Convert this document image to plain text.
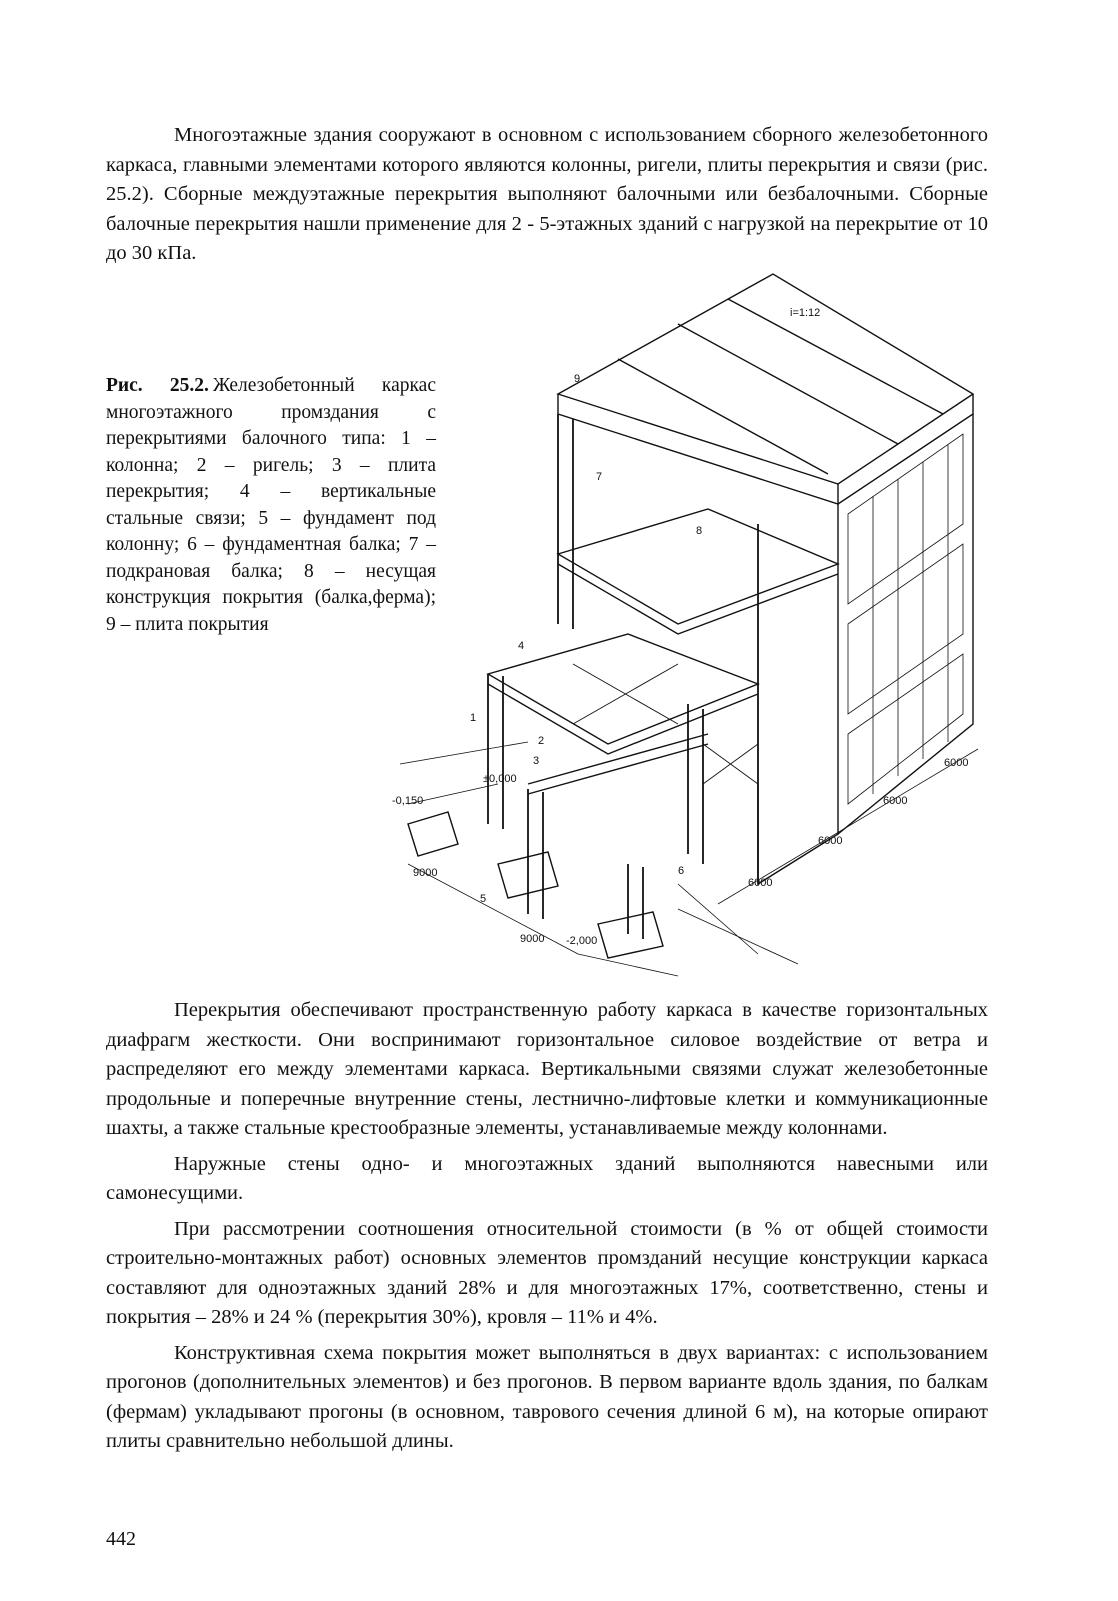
Многоэтажные здания сооружают в основном с использованием сборного железобетонного каркаса, главными элементами которого являются колонны, ригели, плиты перекрытия и связи (рис. 25.2). Сборные междуэтажные перекрытия выполняют балочными или безбалочными. Сборные балочные перекрытия нашли применение для 2 - 5-этажных зданий с нагрузкой на перекрытие от 10 до 30 кПа.

Рис. 25.2. Железобетонный каркас многоэтажного промздания с перекрытиями балочного типа: 1 – колонна; 2 – ригель; 3 – плита перекрытия; 4 – вертикальные стальные связи; 5 – фундамент под колонну; 6 – фундаментная балка; 7 – подкрановая балка; 8 – несущая конструкция покрытия (балка,ферма); 9 – плита покрытия
1
2
3
4
5
6
7
8
9
i=1:12
±0,000
-0,150
-2,000
9000
9000
6000
6000
6000
6000

Перекрытия обеспечивают пространственную работу каркаса в качестве горизонтальных диафрагм жесткости. Они воспринимают горизонтальное силовое воздействие от ветра и распределяют его между элементами каркаса. Вертикальными связями служат железобетонные продольные и поперечные внутренние стены, лестнично-лифтовые клетки и коммуникационные шахты, а также стальные крестообразные элементы, устанавливаемые между колоннами.

Наружные стены одно- и многоэтажных зданий выполняются навесными или самонесущими.

При рассмотрении соотношения относительной стоимости (в % от общей стоимости строительно-монтажных работ) основных элементов промзданий несущие конструкции каркаса составляют для одноэтажных зданий 28% и для многоэтажных 17%, соответственно, стены и покрытия – 28% и 24 % (перекрытия 30%), кровля – 11% и 4%.

Конструктивная схема покрытия может выполняться в двух вариантах: с использованием прогонов (дополнительных элементов) и без прогонов. В первом варианте вдоль здания, по балкам (фермам) укладывают прогоны (в основном, таврового сечения длиной 6 м), на которые опирают плиты сравнительно небольшой длины.

442
